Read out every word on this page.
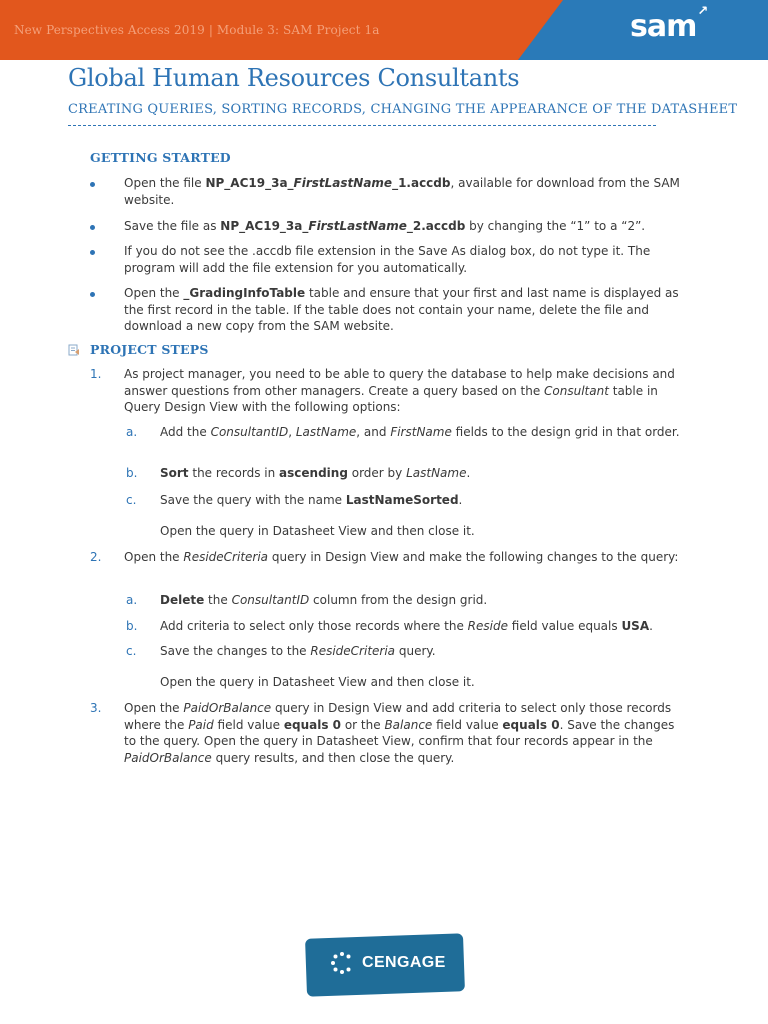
New Perspectives Access 2019 | Module 3: SAM Project 1a	sam↗
Global Human Resources Consultants
CREATING QUERIES, SORTING RECORDS, CHANGING THE APPEARANCE OF THE DATASHEET
GETTING STARTED
Open the file NP_AC19_3a_FirstLastName_1.accdb, available for download from the SAM website.
Save the file as NP_AC19_3a_FirstLastName_2.accdb by changing the “1” to a “2”.
If you do not see the .accdb file extension in the Save As dialog box, do not type it. The program will add the file extension for you automatically.
Open the _GradingInfoTable table and ensure that your first and last name is displayed as the first record in the table. If the table does not contain your name, delete the file and download a new copy from the SAM website.
PROJECT STEPS
1. As project manager, you need to be able to query the database to help make decisions and answer questions from other managers. Create a query based on the Consultant table in Query Design View with the following options:
a. Add the ConsultantID, LastName, and FirstName fields to the design grid in that order.
b. Sort the records in ascending order by LastName.
c. Save the query with the name LastNameSorted.
Open the query in Datasheet View and then close it.
2. Open the ResideCriteria query in Design View and make the following changes to the query:
a. Delete the ConsultantID column from the design grid.
b. Add criteria to select only those records where the Reside field value equals USA.
c. Save the changes to the ResideCriteria query.
Open the query in Datasheet View and then close it.
3. Open the PaidOrBalance query in Design View and add criteria to select only those records where the Paid field value equals 0 or the Balance field value equals 0. Save the changes to the query. Open the query in Datasheet View, confirm that four records appear in the PaidOrBalance query results, and then close the query.
CENGAGE
